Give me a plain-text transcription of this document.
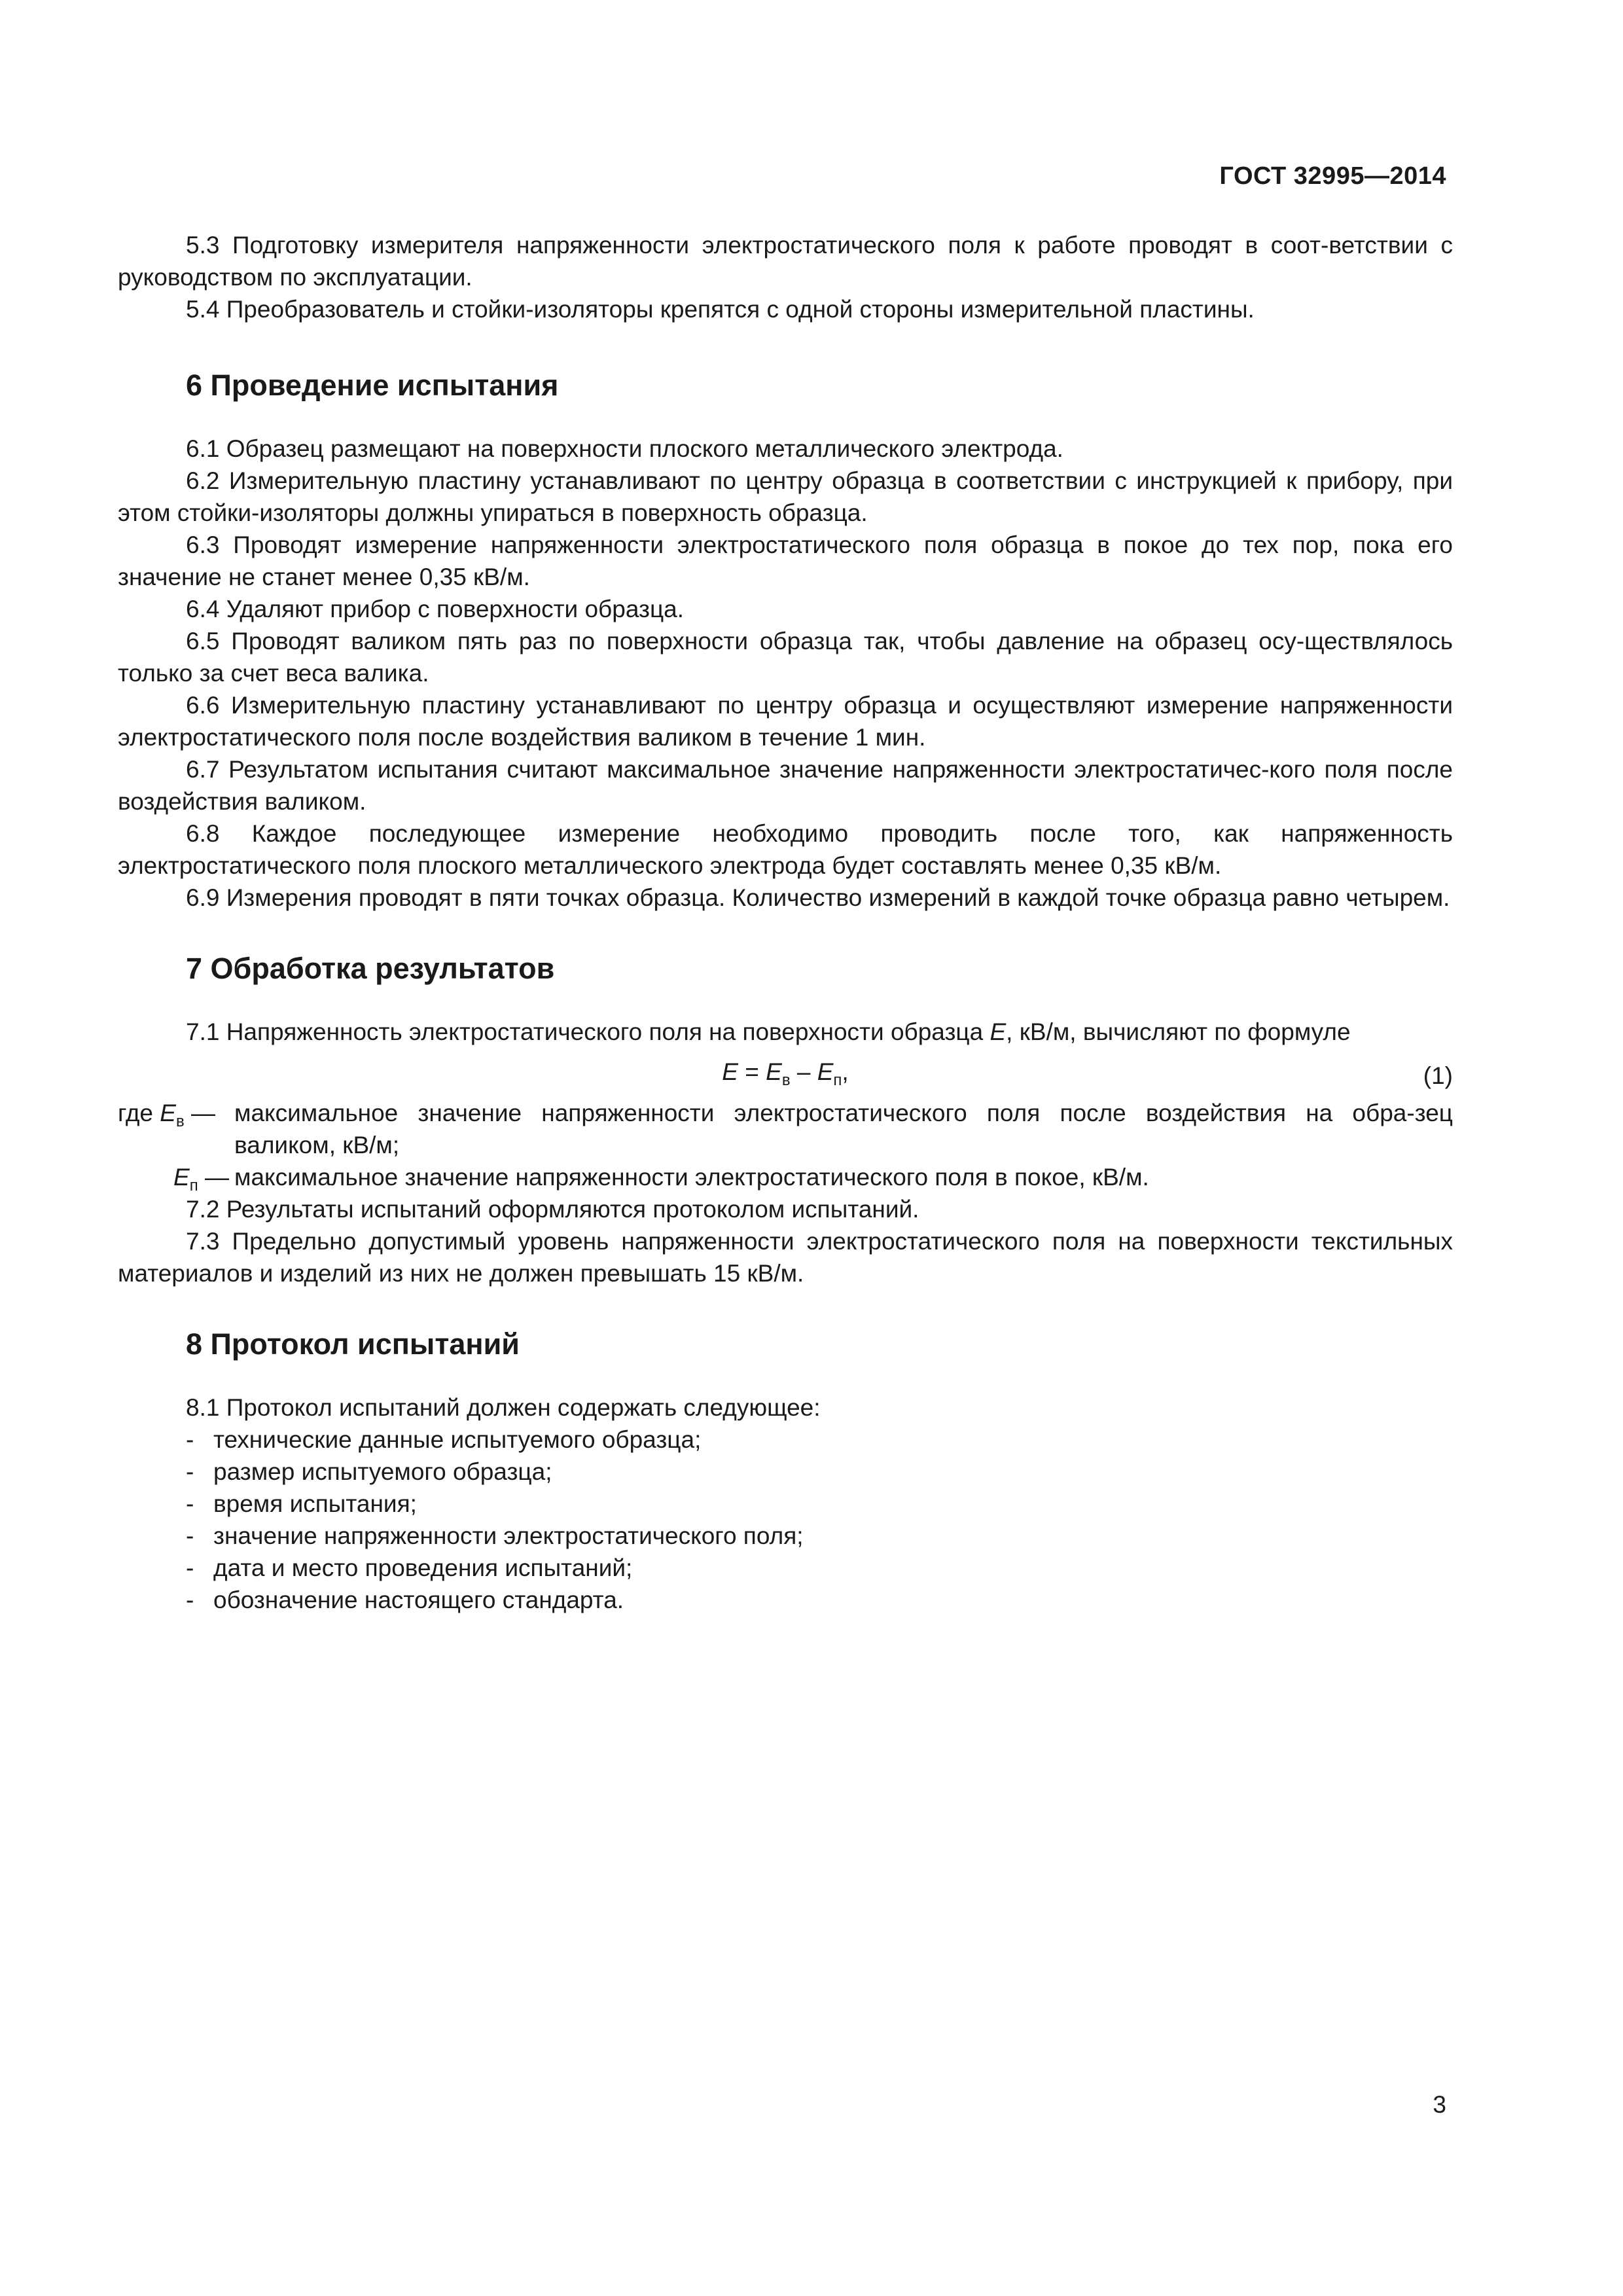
ГОСТ 32995—2014

5.3 Подготовку измерителя напряженности электростатического поля к работе проводят в соот-ветствии с руководством по эксплуатации.

5.4 Преобразователь и стойки-изоляторы крепятся с одной стороны измерительной пластины.

6 Проведение испытания

6.1 Образец размещают на поверхности плоского металлического электрода.

6.2 Измерительную пластину устанавливают по центру образца в соответствии с инструкцией к прибору, при этом стойки-изоляторы должны упираться в поверхность образца.

6.3 Проводят измерение напряженности электростатического поля образца в покое до тех пор, пока его значение не станет менее 0,35 кВ/м.

6.4 Удаляют прибор с поверхности образца.

6.5 Проводят валиком пять раз по поверхности образца так, чтобы давление на образец осу-ществлялось только за счет веса валика.

6.6 Измерительную пластину устанавливают по центру образца и осуществляют измерение напряженности электростатического поля после воздействия валиком в течение 1 мин.

6.7 Результатом испытания считают максимальное значение напряженности электростатичес-кого поля после воздействия валиком.

6.8 Каждое последующее измерение необходимо проводить после того, как напряженность электростатического поля плоского металлического электрода будет составлять менее 0,35 кВ/м.

6.9 Измерения проводят в пяти точках образца. Количество измерений в каждой точке образца равно четырем.

7 Обработка результатов

7.1 Напряженность электростатического поля на поверхности образца E, кВ/м, вычисляют по формуле

$E = E_в - E_п$,	(1)
где $E_в$ — максимальное значение напряженности электростатического поля после воздействия на обра-зец валиком, кВ/м;
$E_п$ — максимальное значение напряженности электростатического поля в покое, кВ/м.

7.2 Результаты испытаний оформляются протоколом испытаний.

7.3 Предельно допустимый уровень напряженности электростатического поля на поверхности текстильных материалов и изделий из них не должен превышать 15 кВ/м.

8 Протокол испытаний

8.1 Протокол испытаний должен содержать следующее:

- технические данные испытуемого образца;
- размер испытуемого образца;
- время испытания;
- значение напряженности электростатического поля;
- дата и место проведения испытаний;
- обозначение настоящего стандарта.
3
